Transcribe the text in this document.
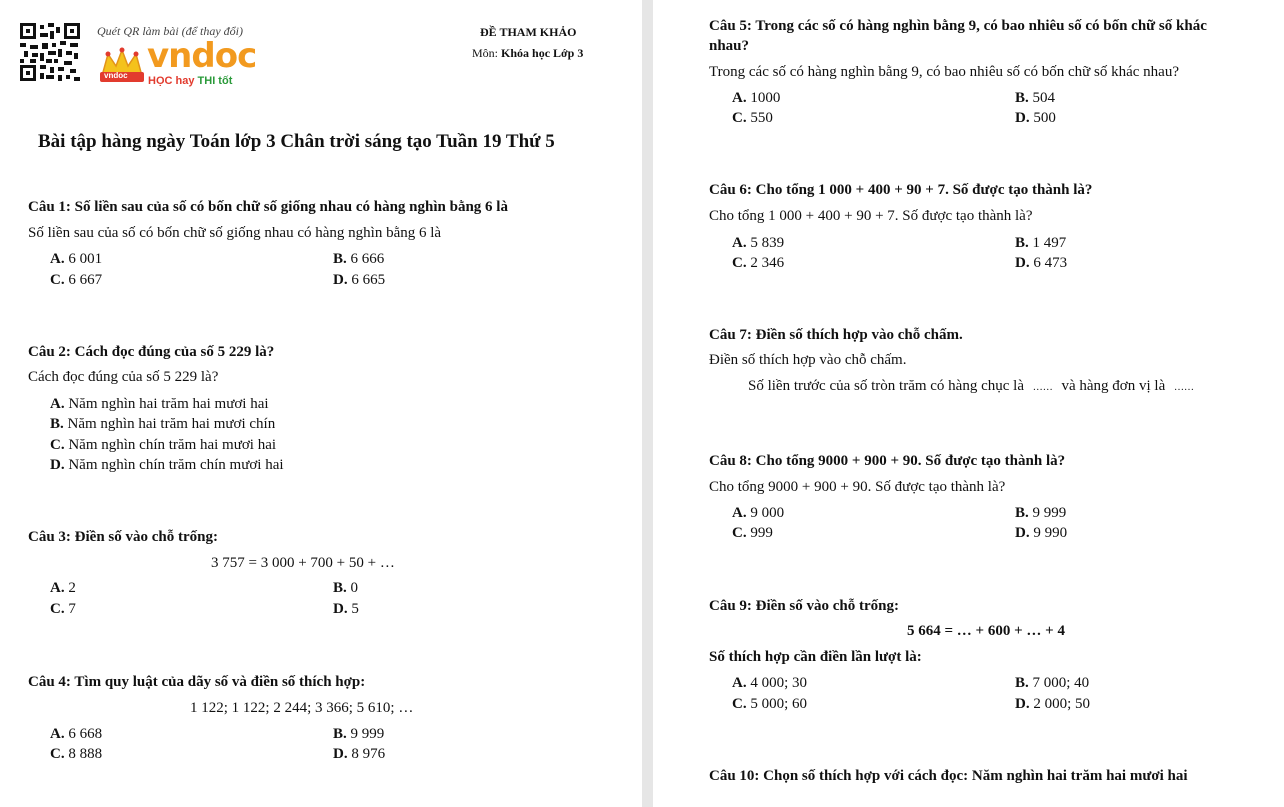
Quét QR làm bài (để thay đổi)
vndoc vndoc
HỌC hay THI tốt
ĐỀ THAM KHẢO
Môn: Khóa học Lớp 3
Bài tập hàng ngày Toán lớp 3 Chân trời sáng tạo Tuần 19 Thứ 5
Câu 1: Số liền sau của số có bốn chữ số giống nhau có hàng nghìn bằng 6 là
Số liền sau của số có bốn chữ số giống nhau có hàng nghìn bằng 6 là
A. 6 001	B. 6 666
C. 6 667	D. 6 665
Câu 2: Cách đọc đúng của số 5 229 là?
Cách đọc đúng của số 5 229 là?
A. Năm nghìn hai trăm hai mươi hai
B. Năm nghìn hai trăm hai mươi chín
C. Năm nghìn chín trăm hai mươi hai
D. Năm nghìn chín trăm chín mươi hai
Câu 3: Điền số vào chỗ trống:
3 757 = 3 000 + 700 + 50 + …
A. 2	B. 0
C. 7	D. 5
Câu 4: Tìm quy luật của dãy số và điền số thích hợp:
1 122; 1 122; 2 244; 3 366; 5 610; …
A. 6 668	B. 9 999
C. 8 888	D. 8 976
Câu 5: Trong các số có hàng nghìn bằng 9, có bao nhiêu số có bốn chữ số khác
nhau?
Trong các số có hàng nghìn bằng 9, có bao nhiêu số có bốn chữ số khác nhau?
A. 1000	B. 504
C. 550	D. 500
Câu 6: Cho tổng 1 000 + 400 + 90 + 7. Số được tạo thành là?
Cho tổng 1 000 + 400 + 90 + 7. Số được tạo thành là?
A. 5 839	B. 1 497
C. 2 346	D. 6 473
Câu 7: Điền số thích hợp vào chỗ chấm.
Điền số thích hợp vào chỗ chấm.
Số liền trước của số tròn trăm có hàng chục là …… và hàng đơn vị là ……
Câu 8: Cho tổng 9000 + 900 + 90. Số được tạo thành là?
Cho tổng 9000 + 900 + 90. Số được tạo thành là?
A. 9 000	B. 9 999
C. 999	D. 9 990
Câu 9: Điền số vào chỗ trống:
5 664 = … + 600 + … + 4
Số thích hợp cần điền lần lượt là:
A. 4 000; 30	B. 7 000; 40
C. 5 000; 60	D. 2 000; 50
Câu 10: Chọn số thích hợp với cách đọc: Năm nghìn hai trăm hai mươi hai
